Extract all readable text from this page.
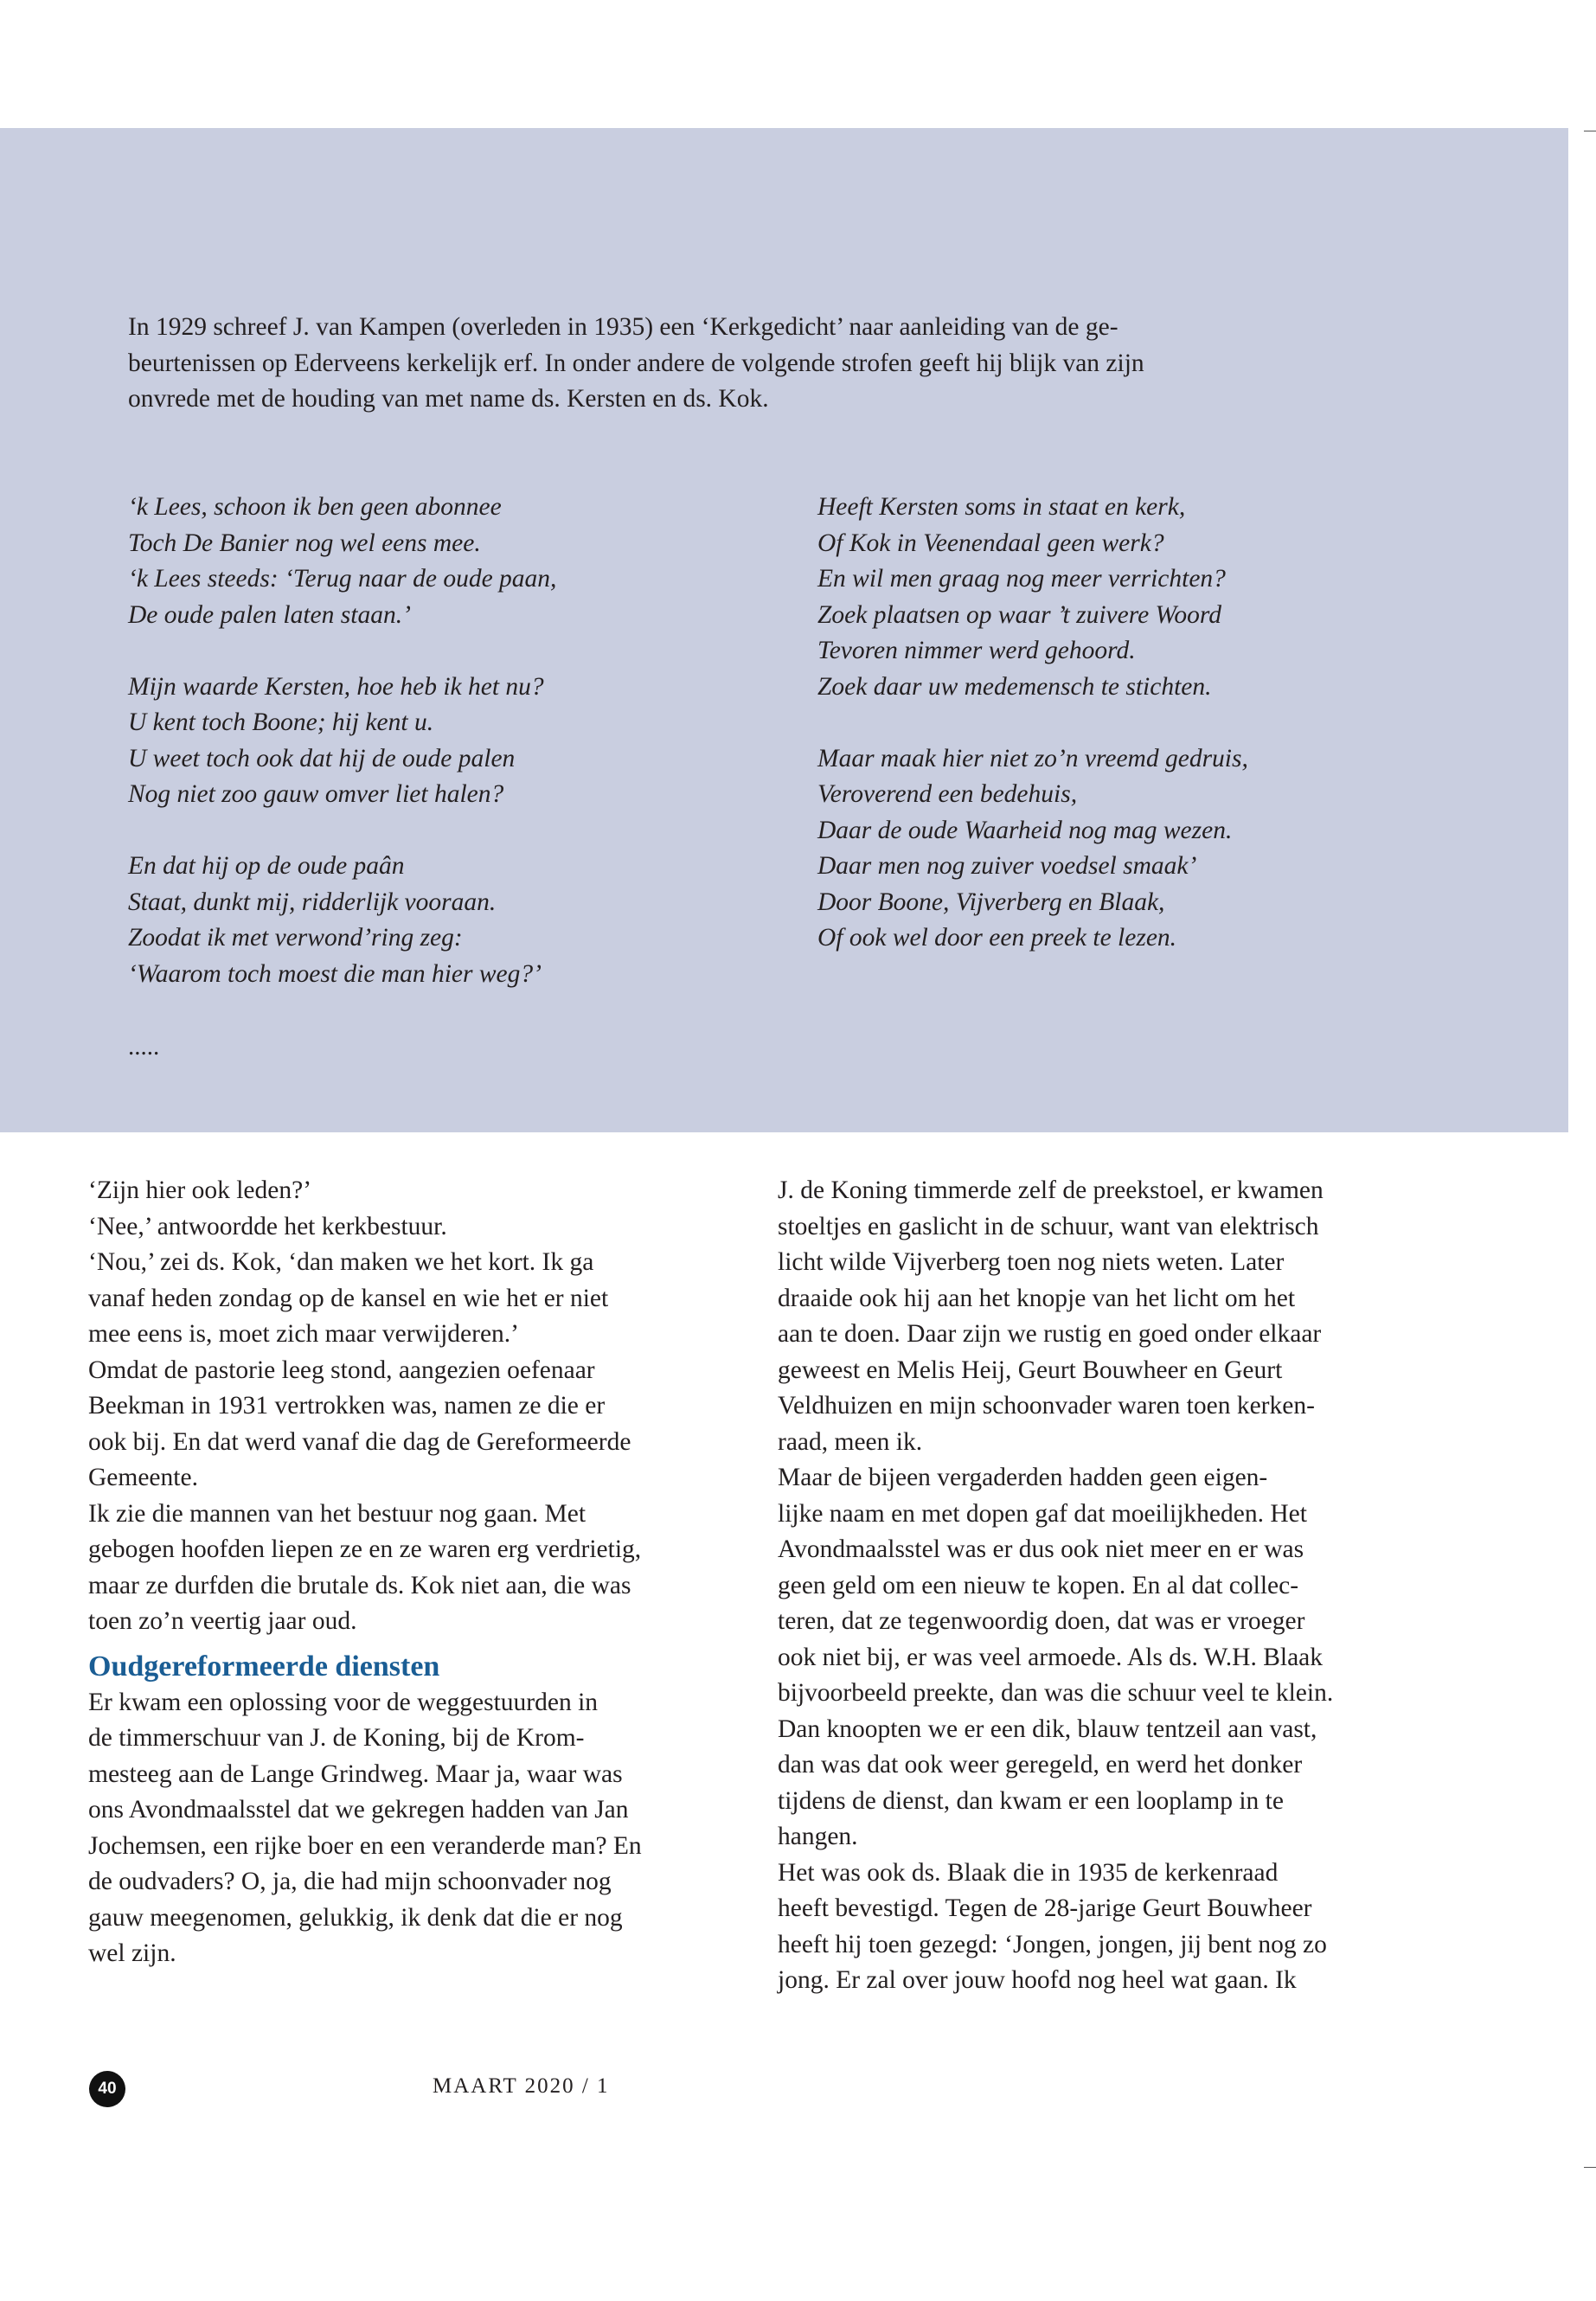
In 1929 schreef J. van Kampen (overleden in 1935) een ‘Kerkgedicht’ naar aanleiding van de ge-
beurtenissen op Ederveens kerkelijk erf. In onder andere de volgende strofen geeft hij blijk van zijn
onvrede met de houding van met name ds. Kersten en ds. Kok.
‘k Lees, schoon ik ben geen abonnee
Toch De Banier nog wel eens mee.
‘k Lees steeds: ‘Terug naar de oude paan,
De oude palen laten staan.’
Mijn waarde Kersten, hoe heb ik het nu?
U kent toch Boone; hij kent u.
U weet toch ook dat hij de oude palen
Nog niet zoo gauw omver liet halen?
En dat hij op de oude paân
Staat, dunkt mij, ridderlijk vooraan.
Zoodat ik met verwond’ring zeg:
‘Waarom toch moest die man hier weg?’
Heeft Kersten soms in staat en kerk,
Of Kok in Veenendaal geen werk?
En wil men graag nog meer verrichten?
Zoek plaatsen op waar ’t zuivere Woord
Tevoren nimmer werd gehoord.
Zoek daar uw medemensch te stichten.
Maar maak hier niet zo’n vreemd gedruis,
Veroverend een bedehuis,
Daar de oude Waarheid nog mag wezen.
Daar men nog zuiver voedsel smaak’
Door Boone, Vijverberg en Blaak,
Of ook wel door een preek te lezen.
.....
‘Zijn hier ook leden?’
‘Nee,’ antwoordde het kerkbestuur.
‘Nou,’ zei ds. Kok, ‘dan maken we het kort. Ik ga
vanaf heden zondag op de kansel en wie het er niet
mee eens is, moet zich maar verwijderen.’
Omdat de pastorie leeg stond, aangezien oefenaar
Beekman in 1931 vertrokken was, namen ze die er
ook bij. En dat werd vanaf die dag de Gereformeerde
Gemeente.
Ik zie die mannen van het bestuur nog gaan. Met
gebogen hoofden liepen ze en ze waren erg verdrietig,
maar ze durfden die brutale ds. Kok niet aan, die was
toen zo’n veertig jaar oud.
Oudgereformeerde diensten
Er kwam een oplossing voor de weggestuurden in
de timmerschuur van J. de Koning, bij de Krom-
mesteeg aan de Lange Grindweg. Maar ja, waar was
ons Avondmaalsstel dat we gekregen hadden van Jan
Jochemsen, een rijke boer en een veranderde man? En
de oudvaders? O, ja, die had mijn schoonvader nog
gauw meegenomen, gelukkig, ik denk dat die er nog
wel zijn.
J. de Koning timmerde zelf de preekstoel, er kwamen
stoeltjes en gaslicht in de schuur, want van elektrisch
licht wilde Vijverberg toen nog niets weten. Later
draaide ook hij aan het knopje van het licht om het
aan te doen. Daar zijn we rustig en goed onder elkaar
geweest en Melis Heij, Geurt Bouwheer en Geurt
Veldhuizen en mijn schoonvader waren toen kerken-
raad, meen ik.
Maar de bijeen vergaderden hadden geen eigen-
lijke naam en met dopen gaf dat moeilijkheden. Het
Avondmaalsstel was er dus ook niet meer en er was
geen geld om een nieuw te kopen. En al dat collec-
teren, dat ze tegenwoordig doen, dat was er vroeger
ook niet bij, er was veel armoede. Als ds. W.H. Blaak
bijvoorbeeld preekte, dan was die schuur veel te klein.
Dan knoopten we er een dik, blauw tentzeil aan vast,
dan was dat ook weer geregeld, en werd het donker
tijdens de dienst, dan kwam er een looplamp in te
hangen.
Het was ook ds. Blaak die in 1935 de kerkenraad
heeft bevestigd. Tegen de 28-jarige Geurt Bouwheer
heeft hij toen gezegd: ‘Jongen, jongen, jij bent nog zo
jong. Er zal over jouw hoofd nog heel wat gaan. Ik
40	MAART 2020 / 1
